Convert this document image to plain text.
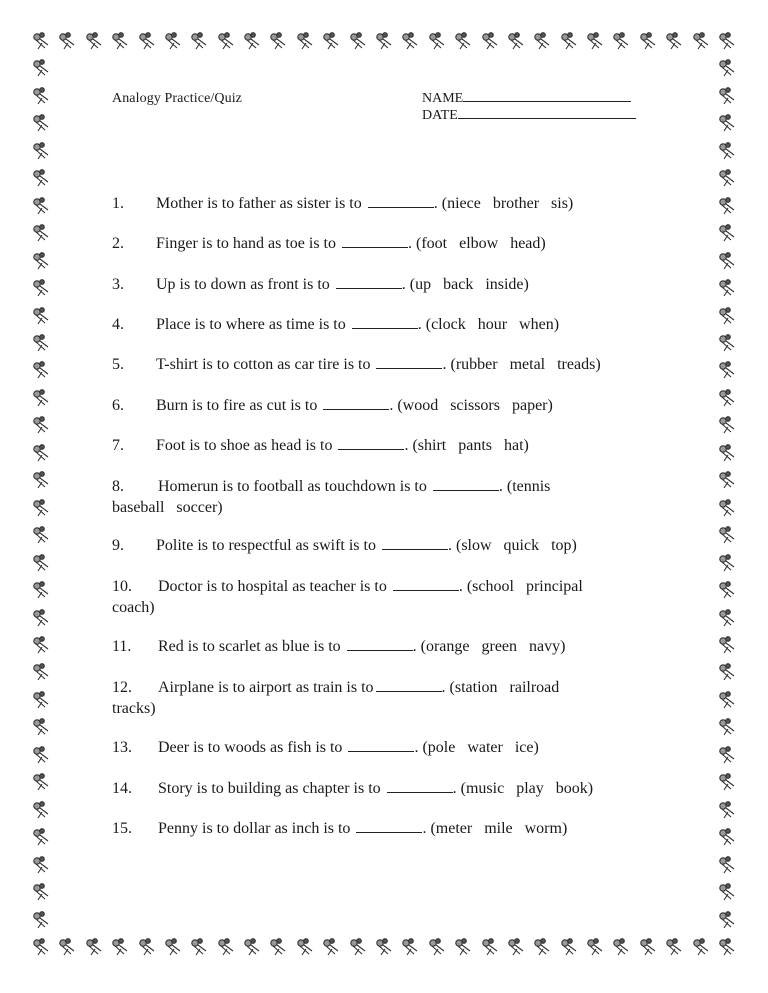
Analogy Practice/Quiz	NAME
DATE
1. Mother is to father as sister is to	. (niece   brother   sis)
2. Finger is to hand as toe is to	. (foot   elbow   head)
3. Up is to down as front is to	. (up   back   inside)
4. Place is to where as time is to	. (clock   hour   when)
5. T-shirt is to cotton as car tire is to	. (rubber   metal   treads)
6. Burn is to fire as cut is to	. (wood   scissors   paper)
7. Foot is to shoe as head is to	. (shirt   pants   hat)
8. Homerun is to football as touchdown is to	. (tennis
baseball   soccer)
9. Polite is to respectful as swift is to	. (slow   quick   top)
10. Doctor is to hospital as teacher is to	. (school   principal
coach)
11. Red is to scarlet as blue is to	. (orange   green   navy)
12. Airplane is to airport as train is to	. (station   railroad
tracks)
13. Deer is to woods as fish is to	. (pole   water   ice)
14. Story is to building as chapter is to	. (music   play   book)
15. Penny is to dollar as inch is to	. (meter   mile   worm)
